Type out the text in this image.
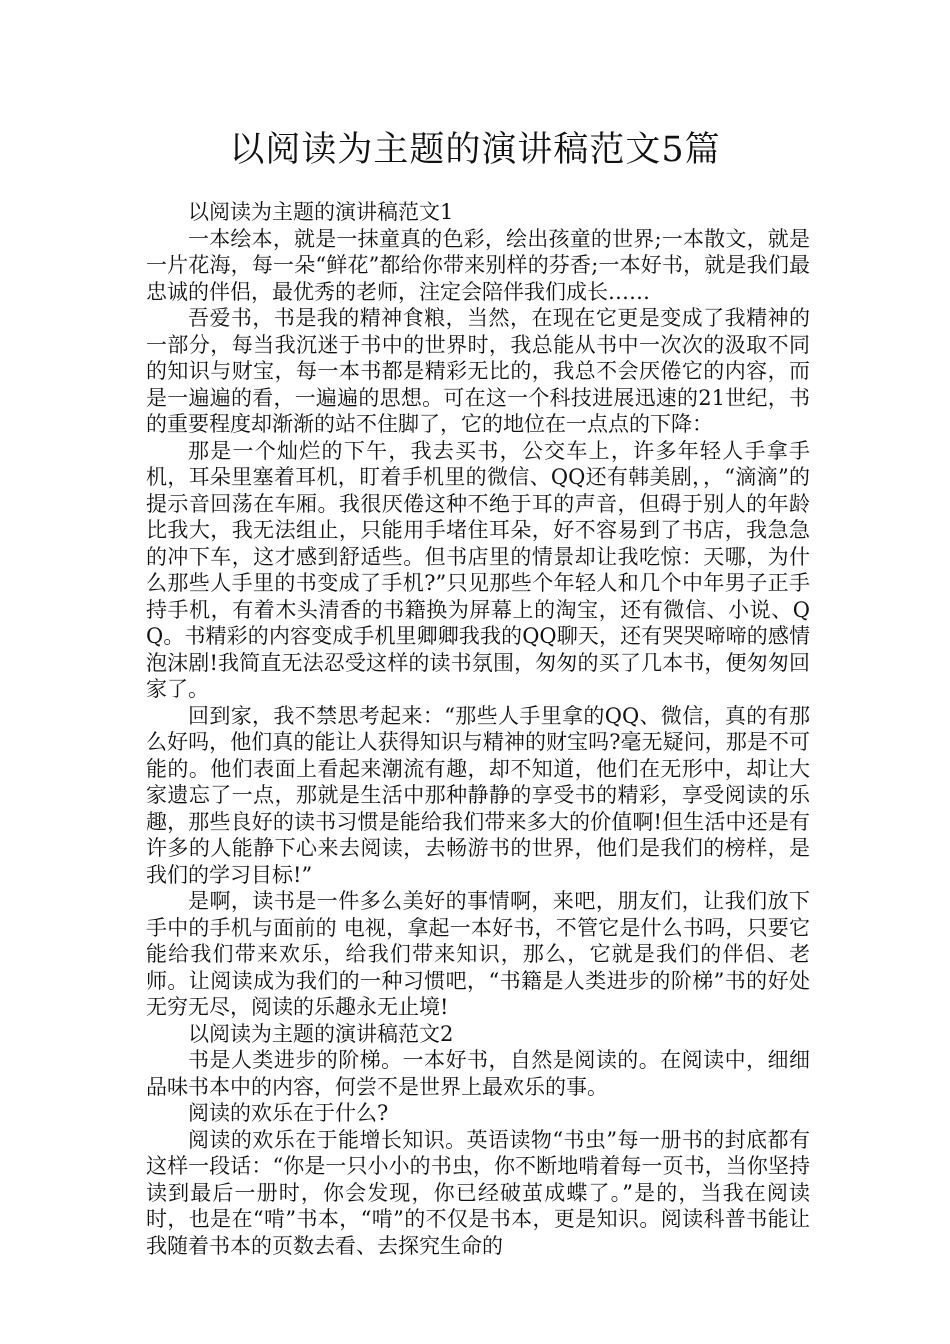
以阅读为主题的演讲稿范文5篇

以阅读为主题的演讲稿范文1

一本绘本，就是一抹童真的色彩，绘出孩童的世界;一本散文，就是一片花海，每一朵“鲜花”都给你带来别样的芬香;一本好书，就是我们最忠诚的伴侣，最优秀的老师，注定会陪伴我们成长……

吾爱书，书是我的精神食粮，当然，在现在它更是变成了我精神的一部分，每当我沉迷于书中的世界时，我总能从书中一次次的汲取不同的知识与财宝，每一本书都是精彩无比的，我总不会厌倦它的内容，而是一遍遍的看，一遍遍的思想。可在这一个科技进展迅速的21世纪，书的重要程度却渐渐的站不住脚了，它的地位在一点点的下降：

那是一个灿烂的下午，我去买书，公交车上，许多年轻人手拿手机，耳朵里塞着耳机，盯着手机里的微信、QQ还有韩美剧，，“滴滴”的提示音回荡在车厢。我很厌倦这种不绝于耳的声音，但碍于别人的年龄比我大，我无法组止，只能用手堵住耳朵，好不容易到了书店，我急急的冲下车，这才感到舒适些。但书店里的情景却让我吃惊：天哪，为什么那些人手里的书变成了手机?”只见那些个年轻人和几个中年男子正手持手机，有着木头清香的书籍换为屏幕上的淘宝，还有微信、小说、QQ。书精彩的内容变成手机里卿卿我我的QQ聊天，还有哭哭啼啼的感情泡沫剧!我简直无法忍受这样的读书氛围，匆匆的买了几本书，便匆匆回家了。

回到家，我不禁思考起来：“那些人手里拿的QQ、微信，真的有那么好吗，他们真的能让人获得知识与精神的财宝吗?毫无疑问，那是不可能的。他们表面上看起来潮流有趣，却不知道，他们在无形中，却让大家遗忘了一点，那就是生活中那种静静的享受书的精彩，享受阅读的乐趣，那些良好的读书习惯是能给我们带来多大的价值啊!但生活中还是有许多的人能静下心来去阅读，去畅游书的世界，他们是我们的榜样，是我们的学习目标!”

是啊，读书是一件多么美好的事情啊，来吧，朋友们，让我们放下手中的手机与面前的 电视，拿起一本好书，不管它是什么书吗，只要它能给我们带来欢乐，给我们带来知识，那么，它就是我们的伴侣、老师。让阅读成为我们的一种习惯吧，“书籍是人类进步的阶梯”书的好处无穷无尽，阅读的乐趣永无止境!

以阅读为主题的演讲稿范文2

书是人类进步的阶梯。一本好书，自然是阅读的。在阅读中，细细品味书本中的内容，何尝不是世界上最欢乐的事。

阅读的欢乐在于什么?

阅读的欢乐在于能增长知识。英语读物“书虫”每一册书的封底都有这样一段话：“你是一只小小的书虫，你不断地啃着每一页书，当你坚持读到最后一册时，你会发现，你已经破茧成蝶了。”是的，当我在阅读时，也是在“啃”书本，“啃”的不仅是书本，更是知识。阅读科普书能让我随着书本的页数去看、去探究生命的
